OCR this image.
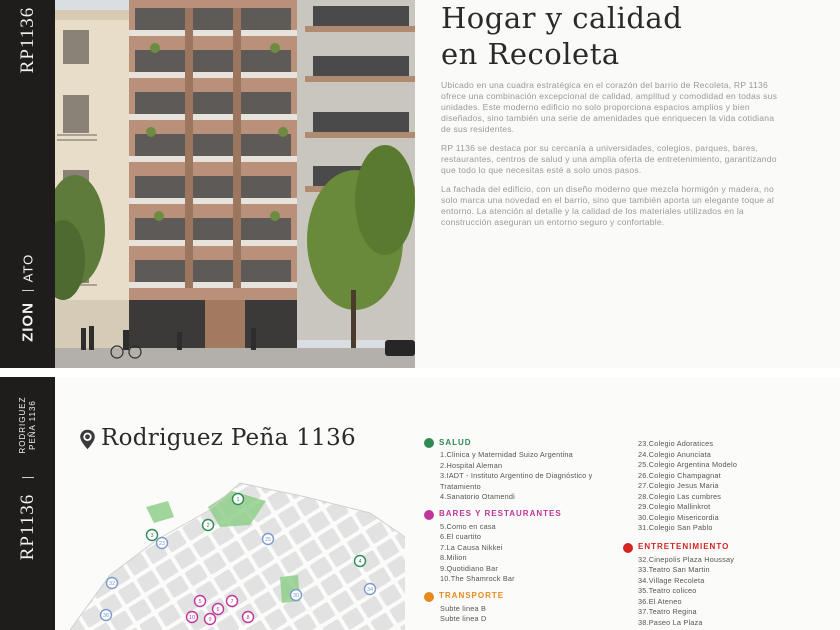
RP1136
ATO
ZION
Hogar y calidad
en Recoleta

Ubicado en una cuadra estratégica en el corazón del barrio de Recoleta, RP 1136 ofrece una combinación excepcional de calidad, amplitud y comodidad en todas sus unidades. Este moderno edificio no solo proporciona espacios amplios y bien diseñados, sino también una serie de amenidades que enriquecen la vida cotidiana de sus residentes.

RP 1136 se destaca por su cercanía a universidades, colegios, parques, bares, restaurantes, centros de salud y una amplia oferta de entretenimiento, garantizando que todo lo que necesitas esté a solo unos pasos.

La fachada del edificio, con un diseño moderno que mezcla hormigón y madera, no solo marca una novedad en el barrio, sino que también aporta un elegante toque al entorno. La atención al detalle y la calidad de los materiales utilizados en la construcción aseguran un entorno seguro y confortable.

RODRIGUEZ PEÑA 1136
RP1136
Rodriguez Peña 1136
1
2
3
4
5
6
7
8
9
10
23
25
30
32
34
36
SALUD
1.Clinica y Maternidad Suizo Argentina
2.Hospital Aleman
3.IADT - Instituto Argentino de Diagnóstico y Tratamiento
4.Sanatorio Otamendi
BARES Y RESTAURANTES
5.Como en casa
6.El cuartito
7.La Causa Nikkei
8.Milion
9.Quotidiano Bar
10.The Shamrock Bar
TRANSPORTE
Subte linea B
Subte linea D
23.Colegio Adoratices
24.Colegio Anunciata
25.Colegio Argentina Modelo
26.Colegio Champagnat
27.Colegio Jesus Maria
28.Colegio Las cumbres
29.Colegio Mallinkrot
30.Colegio Misericordia
31.Colegio San Pablo
ENTRETENIMIENTO
32.Cinepolis Plaza Houssay
33.Teatro San Martin
34.Village Recoleta
35.Teatro coliceo
36.El Ateneo
37.Teatro Regina
38.Paseo La Plaza
